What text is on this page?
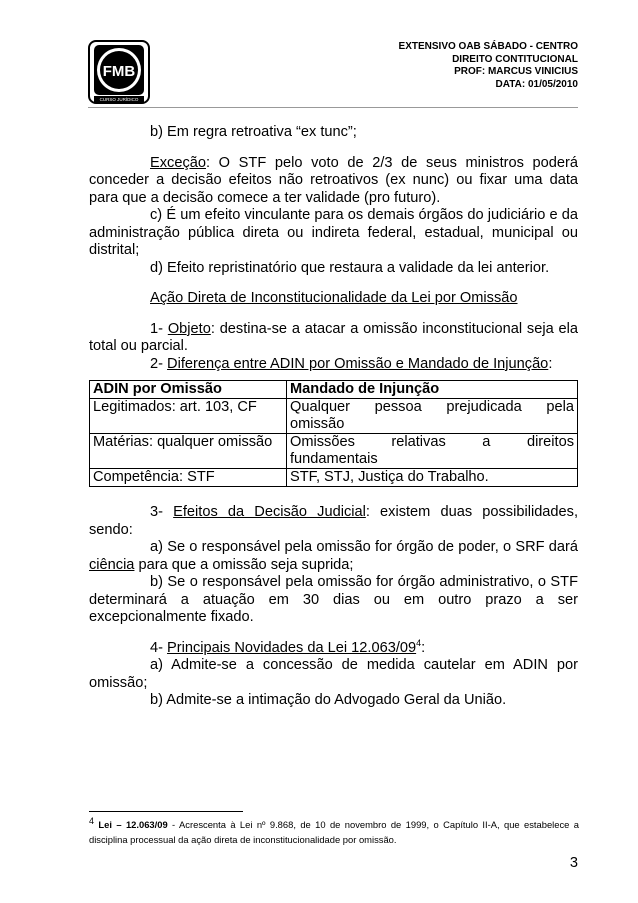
FMB
CURSO JURÍDICO
EXTENSIVO OAB SÁBADO - CENTRO
DIREITO CONTITUCIONAL
PROF: MARCUS VINICIUS
DATA: 01/05/2010

b) Em regra retroativa “ex tunc”;

Exceção: O STF pelo voto de 2/3 de seus ministros poderá conceder a decisão efeitos não retroativos (ex nunc) ou fixar uma data para que a decisão comece a ter validade (pro futuro).

c) É um efeito vinculante para os demais órgãos do judiciário e da administração pública direta ou indireta federal, estadual, municipal ou distrital;

d) Efeito repristinatório que restaura a validade da lei anterior.

Ação Direta de Inconstitucionalidade da Lei por Omissão

1- Objeto: destina-se a atacar a omissão inconstitucional seja ela total ou parcial.

2- Diferença entre ADIN por Omissão e Mandado de Injunção:

ADIN por Omissão	Mandado de Injunção
Legitimados: art. 103, CF	Qualquer pessoa prejudicada pela
omissão

Matérias: qualquer omissão	Omissões relativas a direitos
fundamentais

Competência: STF	STF, STJ, Justiça do Trabalho.

3- Efeitos da Decisão Judicial: existem duas possibilidades, sendo:

a) Se o responsável pela omissão for órgão de poder, o SRF dará ciência para que a omissão seja suprida;

b) Se o responsável pela omissão for órgão administrativo, o STF determinará a atuação em 30 dias ou em outro prazo a ser excepcionalmente fixado.

4- Principais Novidades da Lei $12.063/09^4$:

a) Admite-se a concessão de medida cautelar em ADIN por omissão;

b) Admite-se a intimação do Advogado Geral da União.

$^4$ Lei – 12.063/09 - Acrescenta à Lei nº 9.868, de 10 de novembro de 1999, o Capítulo II-A, que estabelece a disciplina processual da ação direta de inconstitucionalidade por omissão.
3
